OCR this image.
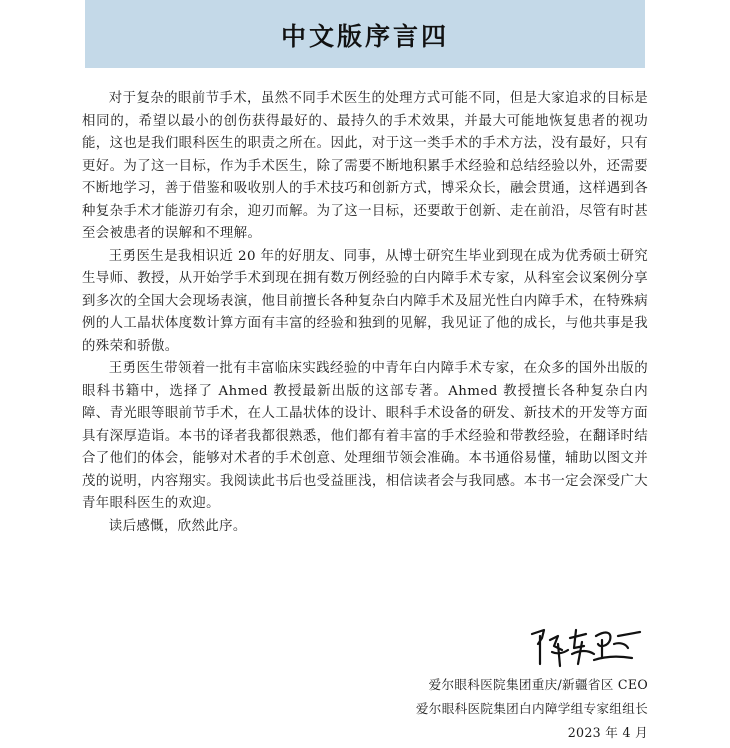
中文版序言四

对于复杂的眼前节手术，虽然不同手术医生的处理方式可能不同，但是大家追求的目标是相同的，希望以最小的创伤获得最好的、最持久的手术效果，并最大可能地恢复患者的视功能，这也是我们眼科医生的职责之所在。因此，对于这一类手术的手术方法，没有最好，只有更好。为了这一目标，作为手术医生，除了需要不断地积累手术经验和总结经验以外，还需要不断地学习，善于借鉴和吸收别人的手术技巧和创新方式，博采众长，融会贯通，这样遇到各种复杂手术才能游刃有余，迎刃而解。为了这一目标，还要敢于创新、走在前沿，尽管有时甚至会被患者的误解和不理解。

王勇医生是我相识近 20 年的好朋友、同事，从博士研究生毕业到现在成为优秀硕士研究生导师、教授，从开始学手术到现在拥有数万例经验的白内障手术专家，从科室会议案例分享到多次的全国大会现场表演，他目前擅长各种复杂白内障手术及屈光性白内障手术，在特殊病例的人工晶状体度数计算方面有丰富的经验和独到的见解，我见证了他的成长，与他共事是我的殊荣和骄傲。

王勇医生带领着一批有丰富临床实践经验的中青年白内障手术专家，在众多的国外出版的眼科书籍中，选择了 Ahmed 教授最新出版的这部专著。Ahmed 教授擅长各种复杂白内障、青光眼等眼前节手术，在人工晶状体的设计、眼科手术设备的研发、新技术的开发等方面具有深厚造诣。本书的译者我都很熟悉，他们都有着丰富的手术经验和带教经验，在翻译时结合了他们的体会，能够对术者的手术创意、处理细节领会准确。本书通俗易懂，辅助以图文并茂的说明，内容翔实。我阅读此书后也受益匪浅，相信读者会与我同感。本书一定会深受广大青年眼科医生的欢迎。

读后感慨，欣然此序。

爱尔眼科医院集团重庆/新疆省区 CEO
爱尔眼科医院集团白内障学组专家组组长
2023 年 4 月
